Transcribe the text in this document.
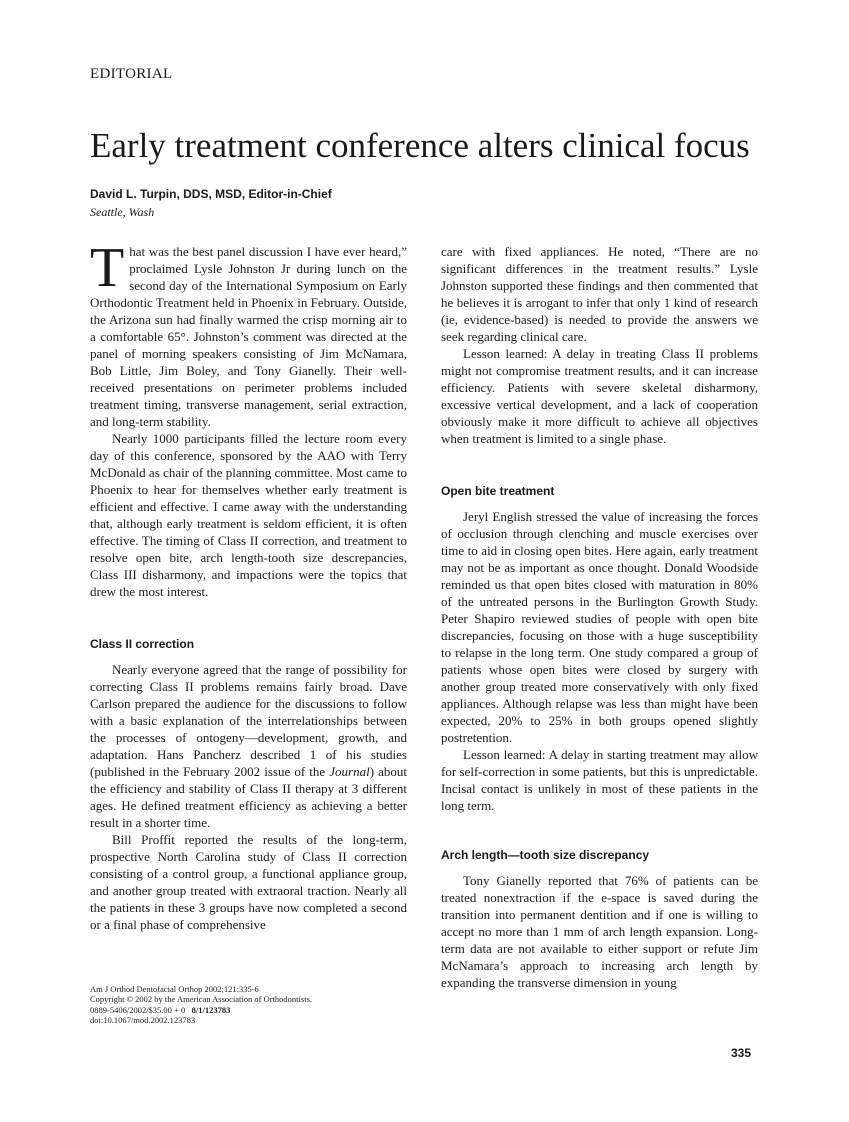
EDITORIAL
Early treatment conference alters clinical focus
David L. Turpin, DDS, MSD, Editor-in-Chief
Seattle, Wash

That was the best panel discussion I have ever heard,” proclaimed Lysle Johnston Jr during lunch on the second day of the International Symposium on Early Orthodontic Treatment held in Phoenix in February. Outside, the Arizona sun had finally warmed the crisp morning air to a comfortable 65°. Johnston’s comment was directed at the panel of morning speakers consisting of Jim McNamara, Bob Little, Jim Boley, and Tony Gianelly. Their well-received presentations on perimeter problems included treatment timing, transverse management, serial extraction, and long-term stability.

Nearly 1000 participants filled the lecture room every day of this conference, sponsored by the AAO with Terry McDonald as chair of the planning committee. Most came to Phoenix to hear for themselves whether early treatment is efficient and effective. I came away with the understanding that, although early treatment is seldom efficient, it is often effective. The timing of Class II correction, and treatment to resolve open bite, arch length-tooth size descrepancies, Class III disharmony, and impactions were the topics that drew the most interest.

Class II correction

Nearly everyone agreed that the range of possibility for correcting Class II problems remains fairly broad. Dave Carlson prepared the audience for the discussions to follow with a basic explanation of the interrelationships between the processes of ontogeny—development, growth, and adaptation. Hans Pancherz described 1 of his studies (published in the February 2002 issue of the Journal) about the efficiency and stability of Class II therapy at 3 different ages. He defined treatment efficiency as achieving a better result in a shorter time.

Bill Proffit reported the results of the long-term, prospective North Carolina study of Class II correction consisting of a control group, a functional appliance group, and another group treated with extraoral traction. Nearly all the patients in these 3 groups have now completed a second or a final phase of comprehensive

care with fixed appliances. He noted, “There are no significant differences in the treatment results.” Lysle Johnston supported these findings and then commented that he believes it is arrogant to infer that only 1 kind of research (ie, evidence-based) is needed to provide the answers we seek regarding clinical care.

Lesson learned: A delay in treating Class II problems might not compromise treatment results, and it can increase efficiency. Patients with severe skeletal disharmony, excessive vertical development, and a lack of cooperation obviously make it more difficult to achieve all objectives when treatment is limited to a single phase.

Open bite treatment

Jeryl English stressed the value of increasing the forces of occlusion through clenching and muscle exercises over time to aid in closing open bites. Here again, early treatment may not be as important as once thought. Donald Woodside reminded us that open bites closed with maturation in 80% of the untreated persons in the Burlington Growth Study. Peter Shapiro reviewed studies of people with open bite discrepancies, focusing on those with a huge susceptibility to relapse in the long term. One study compared a group of patients whose open bites were closed by surgery with another group treated more conservatively with only fixed appliances. Although relapse was less than might have been expected, 20% to 25% in both groups opened slightly postretention.

Lesson learned: A delay in starting treatment may allow for self-correction in some patients, but this is unpredictable. Incisal contact is unlikely in most of these patients in the long term.

Arch length—tooth size discrepancy

Tony Gianelly reported that 76% of patients can be treated nonextraction if the e-space is saved during the transition into permanent dentition and if one is willing to accept no more than 1 mm of arch length expansion. Long-term data are not available to either support or refute Jim McNamara’s approach to increasing arch length by expanding the transverse dimension in young

Am J Orthod Dentofacial Orthop 2002;121:335-6
Copyright © 2002 by the American Association of Orthodontists.
0889-5406/2002/$35.00 + 0 8/1/123783
doi:10.1067/mod.2002.123783
335
